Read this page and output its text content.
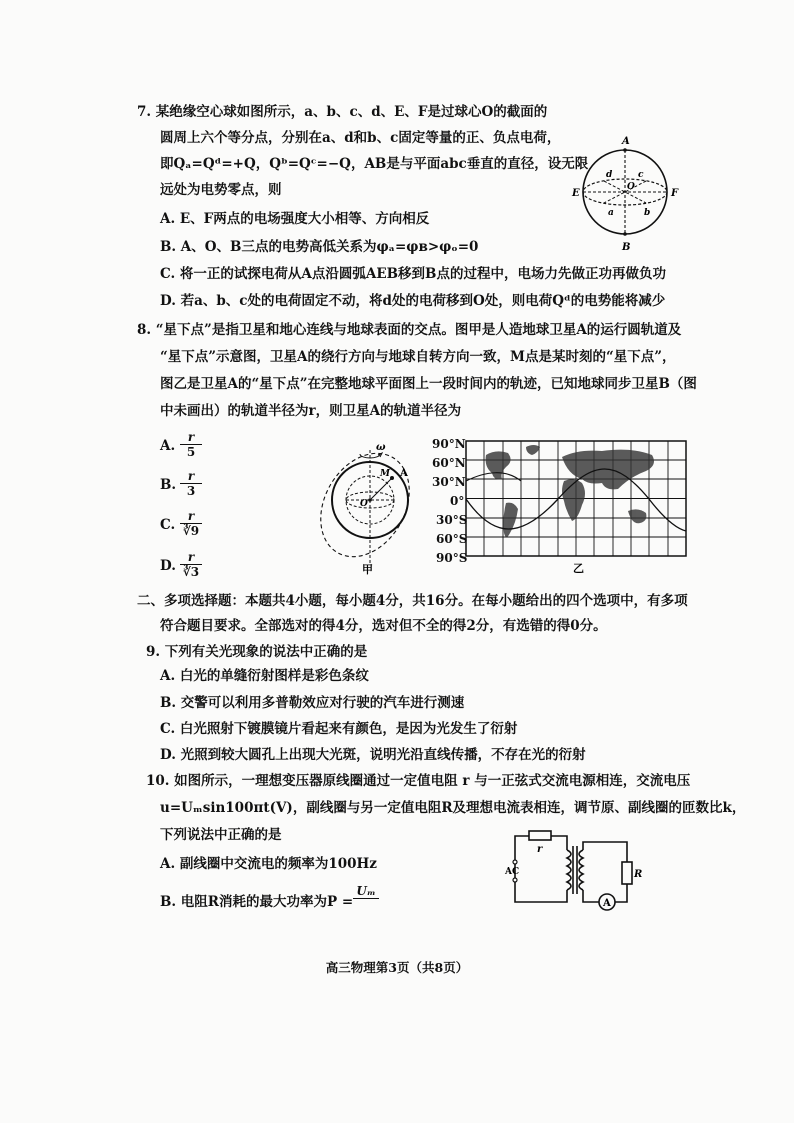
7. 某绝缘空心球如图所示，a、b、c、d、E、F是过球心O的截面的
圆周上六个等分点，分别在a、d和b、c固定等量的正、负点电荷，
即Qₐ=Qᵈ=+Q，Qᵇ=Qᶜ=−Q，AB是与平面abc垂直的直径，设无限
远处为电势零点，则
A. E、F两点的电场强度大小相等、方向相反
B. A、O、B三点的电势高低关系为φₐ=φʙ>φₒ=0
C. 将一正的试探电荷从A点沿圆弧AEB移到B点的过程中，电场力先做正功再做负功
D. 若a、b、c处的电荷固定不动，将d处的电荷移到O处，则电荷Qᵈ的电势能将减少
A
B
E	F
O
d	c
a	b
8. “星下点”是指卫星和地心连线与地球表面的交点。图甲是人造地球卫星A的运行圆轨道及
“星下点”示意图，卫星A的绕行方向与地球自转方向一致，M点是某时刻的“星下点”，
图乙是卫星A的“星下点”在完整地球平面图上一段时间内的轨迹，已知地球同步卫星B（图
中未画出）的轨道半径为r，则卫星A的轨道半径为
A. $\frac{r}{5}$
B. $\frac{r}{3}$
C. $\frac{r}{∛9}$
D. $\frac{r}{∛3}$
ω
A
M
O
甲
90°N
60°N
30°N
0°
30°S
60°S
90°S
乙
二、多项选择题：本题共4小题，每小题4分，共16分。在每小题给出的四个选项中，有多项
符合题目要求。全部选对的得4分，选对但不全的得2分，有选错的得0分。
9. 下列有关光现象的说法中正确的是
A. 白光的单缝衍射图样是彩色条纹
B. 交警可以利用多普勒效应对行驶的汽车进行测速
C. 白光照射下镀膜镜片看起来有颜色，是因为光发生了衍射
D. 光照到较大圆孔上出现大光斑，说明光沿直线传播，不存在光的衍射
10. 如图所示，一理想变压器原线圈通过一定值电阻 r 与一正弦式交流电源相连，交流电压
u=Uₘsin100πt(V)，副线圈与另一定值电阻R及理想电流表相连，调节原、副线圈的匝数比k，
下列说法中正确的是
A. 副线圈中交流电的频率为100Hz
B. 电阻R消耗的最大功率为P =
Uₘ

r
AC	R
A
高三物理第3页（共8页）
